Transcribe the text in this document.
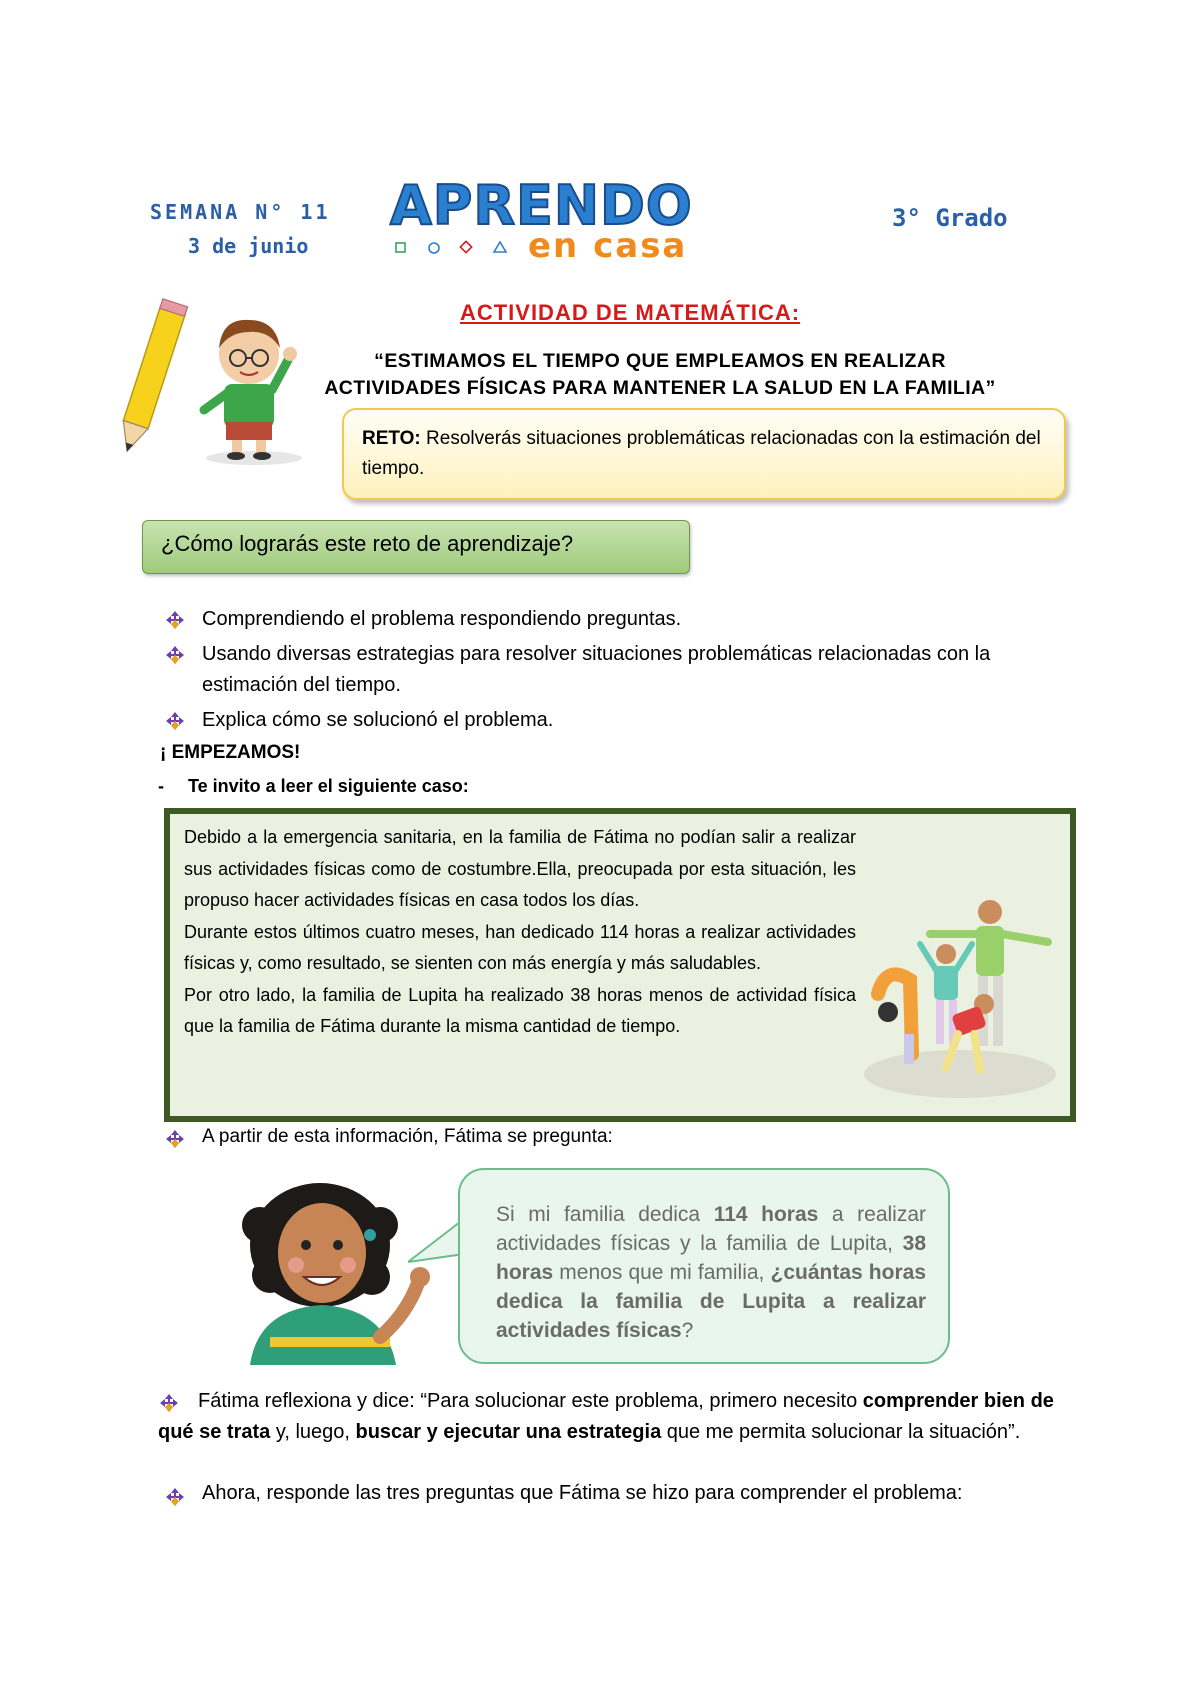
SEMANA N° 11
3 de junio
APRENDO
en casa
3° Grado
ACTIVIDAD DE MATEMÁTICA:
“ESTIMAMOS EL TIEMPO QUE EMPLEAMOS EN REALIZAR
ACTIVIDADES FÍSICAS PARA MANTENER LA SALUD EN LA FAMILIA”
RETO: Resolverás situaciones problemáticas relacionadas con la estimación del tiempo.
¿Cómo lograrás este reto de aprendizaje?
Comprendiendo el problema respondiendo preguntas.
Usando diversas estrategias para resolver situaciones problemáticas relacionadas con la estimación del tiempo.
Explica cómo se solucionó el problema.
¡ EMPEZAMOS!
- Te invito a leer el siguiente caso:

Debido a la emergencia sanitaria, en la familia de Fátima no podían salir a realizar sus actividades físicas como de costumbre.Ella, preocupada por esta situación, les propuso hacer actividades físicas en casa todos los días.

Durante estos últimos cuatro meses, han dedicado 114 horas a realizar actividades físicas y, como resultado, se sienten con más energía y más saludables.

Por otro lado, la familia de Lupita ha realizado 38 horas menos de actividad física que la familia de Fátima durante la misma cantidad de tiempo.

A partir de esta información, Fátima se pregunta:
Si mi familia dedica 114 horas a realizar actividades físicas y la familia de Lupita, 38 horas menos que mi familia, ¿cuántas horas dedica la familia de Lupita a realizar actividades físicas?
Fátima reflexiona y dice: “Para solucionar este problema, primero necesito comprender bien de qué se trata y, luego, buscar y ejecutar una estrategia que me permita solucionar la situación”.
Ahora, responde las tres preguntas que Fátima se hizo para comprender el problema:
